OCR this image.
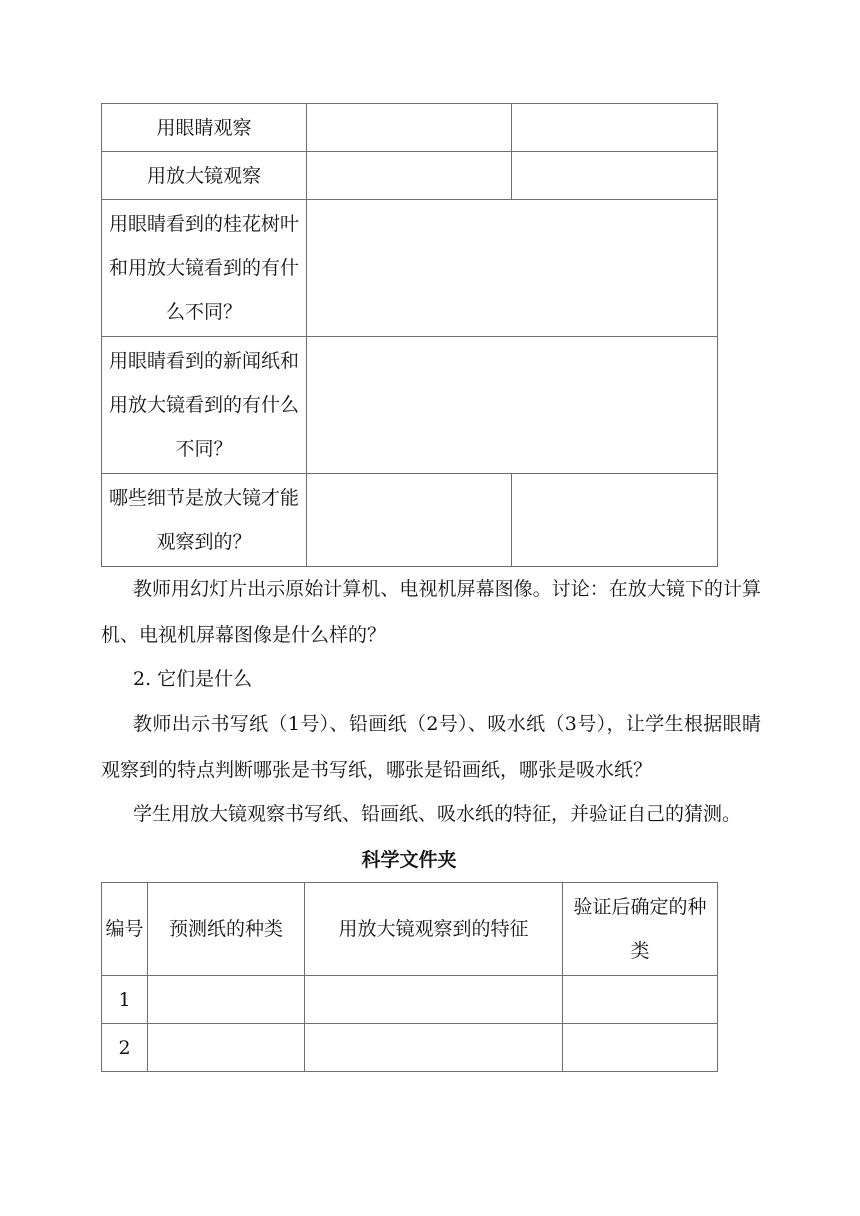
用眼睛观察		
用放大镜观察		

用眼睛看到的桂花树叶
和用放大镜看到的有什
么不同？		

用眼睛看到的新闻纸和
用放大镜看到的有什么
不同？		

哪些细节是放大镜才能
观察到的？		

教师用幻灯片出示原始计算机、电视机屏幕图像。讨论：在放大镜下的计算机、电视机屏幕图像是什么样的？
2. 它们是什么
教师出示书写纸（1号）、铅画纸（2号）、吸水纸（3号），让学生根据眼睛观察到的特点判断哪张是书写纸，哪张是铅画纸，哪张是吸水纸？
学生用放大镜观察书写纸、铅画纸、吸水纸的特征，并验证自己的猜测。
科学文件夹
编号	预测纸的种类	用放大镜观察到的特征	验证后确定的种类
1			
2			
